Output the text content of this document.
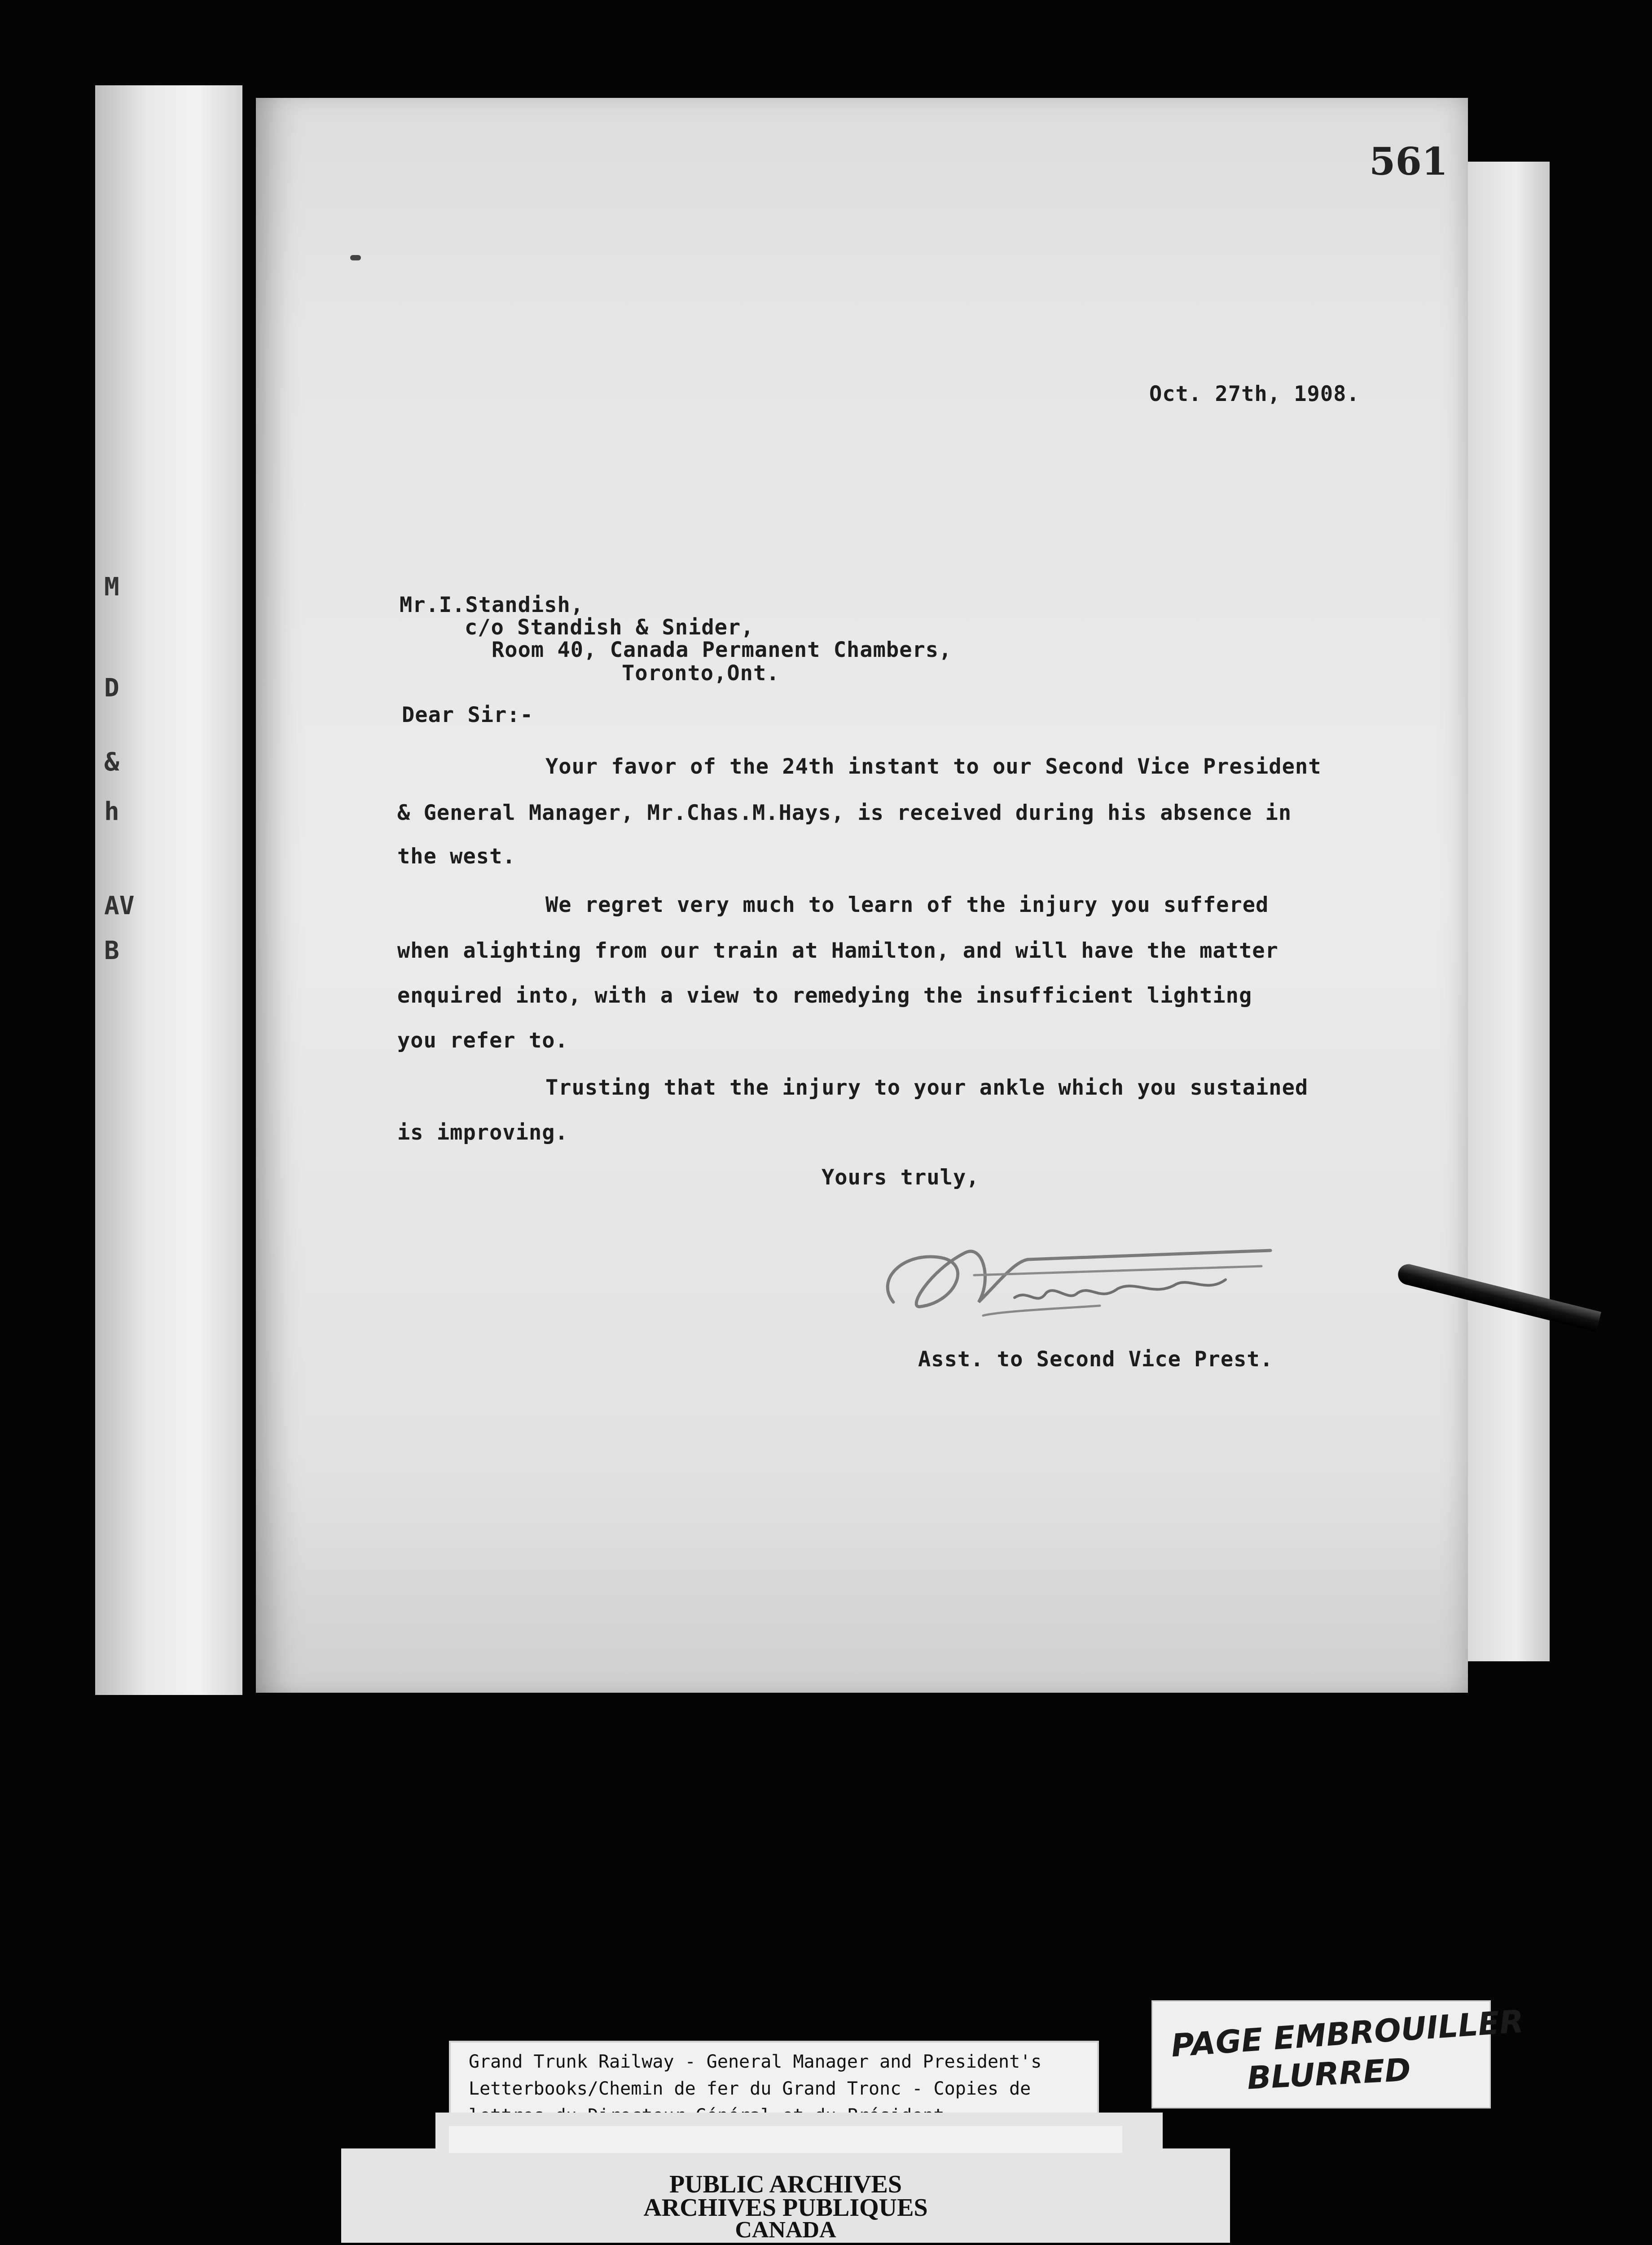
M
D
&
h
AV
B
561
Oct. 27th, 1908.
Mr.I.Standish,
c/o Standish & Snider,
Room 40, Canada Permanent Chambers,
Toronto,Ont.
Dear Sir:-
Your favor of the 24th instant to our Second Vice President
& General Manager, Mr.Chas.M.Hays, is received during his absence in
the west.
We regret very much to learn of the injury you suffered
when alighting from our train at Hamilton, and will have the matter
enquired into, with a view to remedying the insufficient lighting
you refer to.
Trusting that the injury to your ankle which you sustained
is improving.
Yours truly,
Asst. to Second Vice Prest.
Grand Trunk Railway - General Manager and President's
Letterbooks/Chemin de fer du Grand Tronc - Copies de
PUBLIC ARCHIVES
ARCHIVES PUBLIQUES
CANADA
PAGE EMBROUILLER
BLURRED
